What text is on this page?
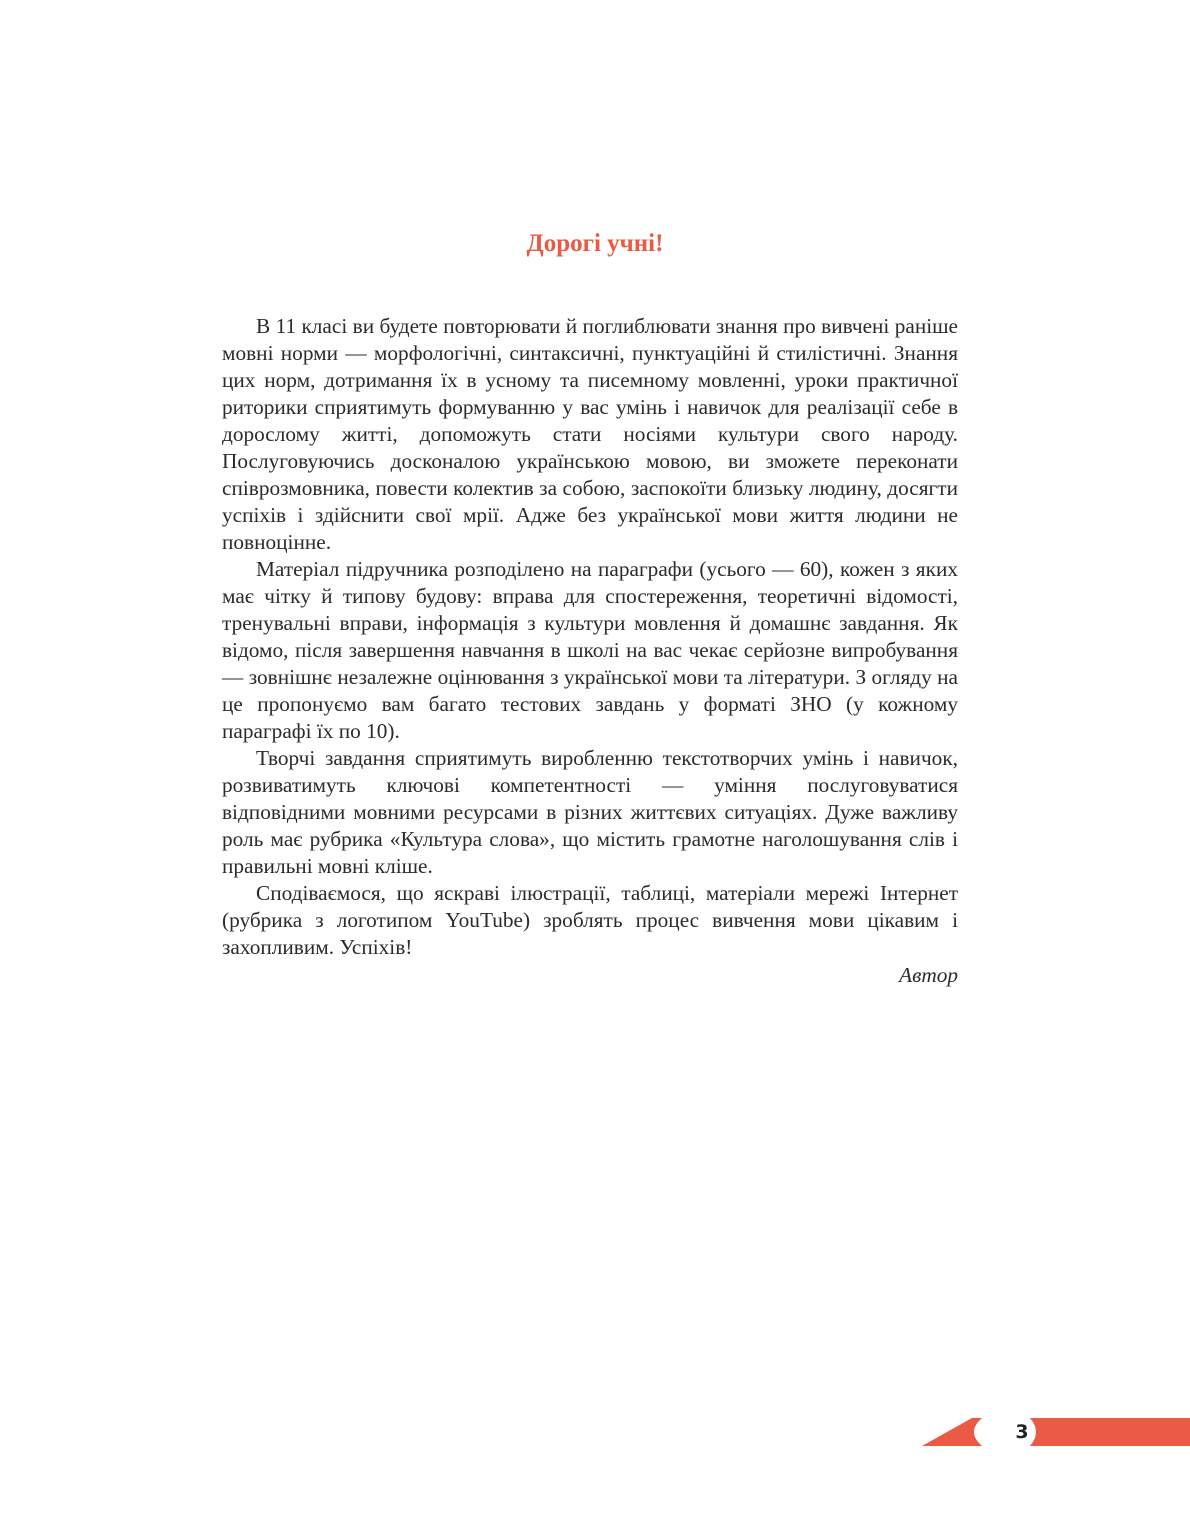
Дорогі учні!

В 11 класі ви будете повторювати й поглиблювати знання про вивчені раніше мовні норми — морфологічні, синтаксичні, пунктуаційні й стилістичні. Знання цих норм, дотримання їх в усному та писемному мовленні, уроки практичної риторики сприятимуть формуванню у вас умінь і навичок для реалізації себе в дорослому житті, допоможуть стати носіями культури свого народу. Послуговуючись досконалою українською мовою, ви зможете переконати співрозмовника, повести колектив за собою, заспокоїти близьку людину, досягти успіхів і здійснити свої мрії. Адже без української мови життя людини не повноцінне.

Матеріал підручника розподілено на параграфи (усього — 60), кожен з яких має чітку й типову будову: вправа для спостереження, теоретичні відомості, тренувальні вправи, інформація з культури мовлення й домашнє завдання. Як відомо, після завершення навчання в школі на вас чекає серйозне випробування — зовнішнє незалежне оцінювання з української мови та літератури. З огляду на це пропонуємо вам багато тестових завдань у форматі ЗНО (у кожному параграфі їх по 10).

Творчі завдання сприятимуть виробленню текстотворчих умінь і навичок, розвиватимуть ключові компетентності — уміння послуговуватися відповідними мовними ресурсами в різних життєвих ситуаціях. Дуже важливу роль має рубрика «Культура слова», що містить грамотне наголошування слів і правильні мовні кліше.

Сподіваємося, що яскраві ілюстрації, таблиці, матеріали мережі Інтернет (рубрика з логотипом YouTube) зроблять процес вивчення мови цікавим і захопливим. Успіхів!

Автор
3
